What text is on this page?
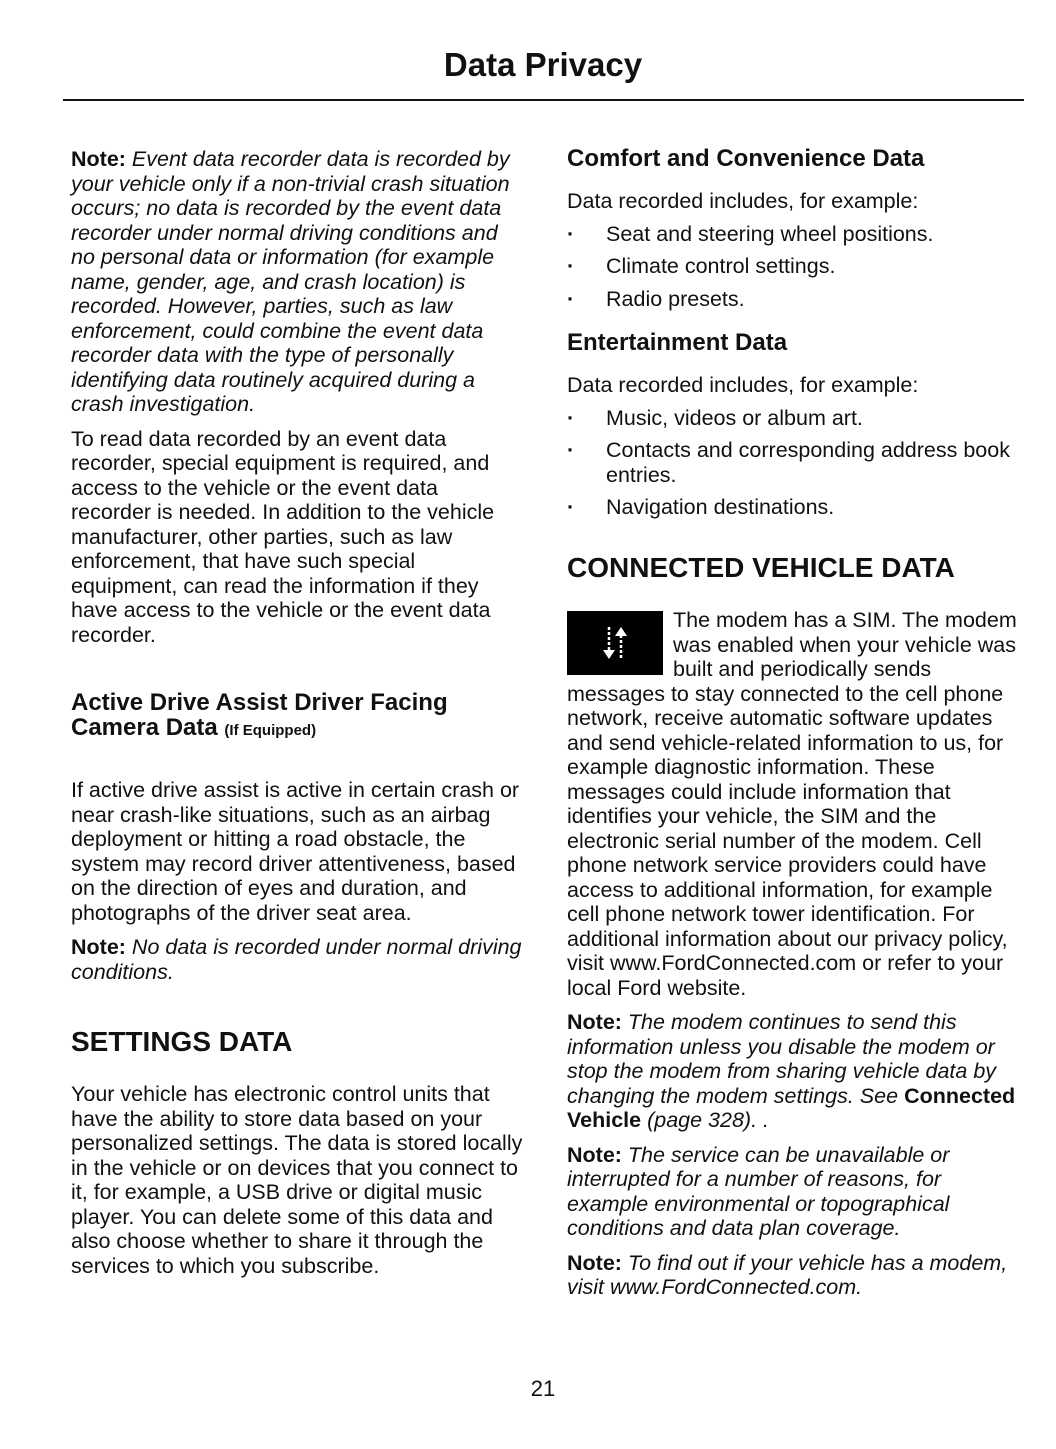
Data Privacy

Note: Event data recorder data is recorded by your vehicle only if a non-trivial crash situation occurs; no data is recorded by the event data recorder under normal driving conditions and no personal data or information (for example name, gender, age, and crash location) is recorded. However, parties, such as law enforcement, could combine the event data recorder data with the type of personally identifying data routinely acquired during a crash investigation.

To read data recorded by an event data recorder, special equipment is required, and access to the vehicle or the event data recorder is needed. In addition to the vehicle manufacturer, other parties, such as law enforcement, that have such special equipment, can read the information if they have access to the vehicle or the event data recorder.

Active Drive Assist Driver Facing Camera Data (If Equipped)

If active drive assist is active in certain crash or near crash-like situations, such as an airbag deployment or hitting a road obstacle, the system may record driver attentiveness, based on the direction of eyes and duration, and photographs of the driver seat area.

Note: No data is recorded under normal driving conditions.

SETTINGS DATA

Your vehicle has electronic control units that have the ability to store data based on your personalized settings. The data is stored locally in the vehicle or on devices that you connect to it, for example, a USB drive or digital music player. You can delete some of this data and also choose whether to share it through the services to which you subscribe.

Comfort and Convenience Data

Data recorded includes, for example:

· Seat and steering wheel positions.
· Climate control settings.
· Radio presets.
Entertainment Data

Data recorded includes, for example:

· Music, videos or album art.
· Contacts and corresponding address book entries.
· Navigation destinations.
CONNECTED VEHICLE DATA

The modem has a SIM. The modem was enabled when your vehicle was built and periodically sends messages to stay connected to the cell phone network, receive automatic software updates and send vehicle-related information to us, for example diagnostic information. These messages could include information that identifies your vehicle, the SIM and the electronic serial number of the modem. Cell phone network service providers could have access to additional information, for example cell phone network tower identification. For additional information about our privacy policy, visit www.FordConnected.com or refer to your local Ford website.

Note: The modem continues to send this information unless you disable the modem or stop the modem from sharing vehicle data by changing the modem settings. See Connected Vehicle (page 328). .

Note: The service can be unavailable or interrupted for a number of reasons, for example environmental or topographical conditions and data plan coverage.

Note: To find out if your vehicle has a modem, visit www.FordConnected.com.

21
